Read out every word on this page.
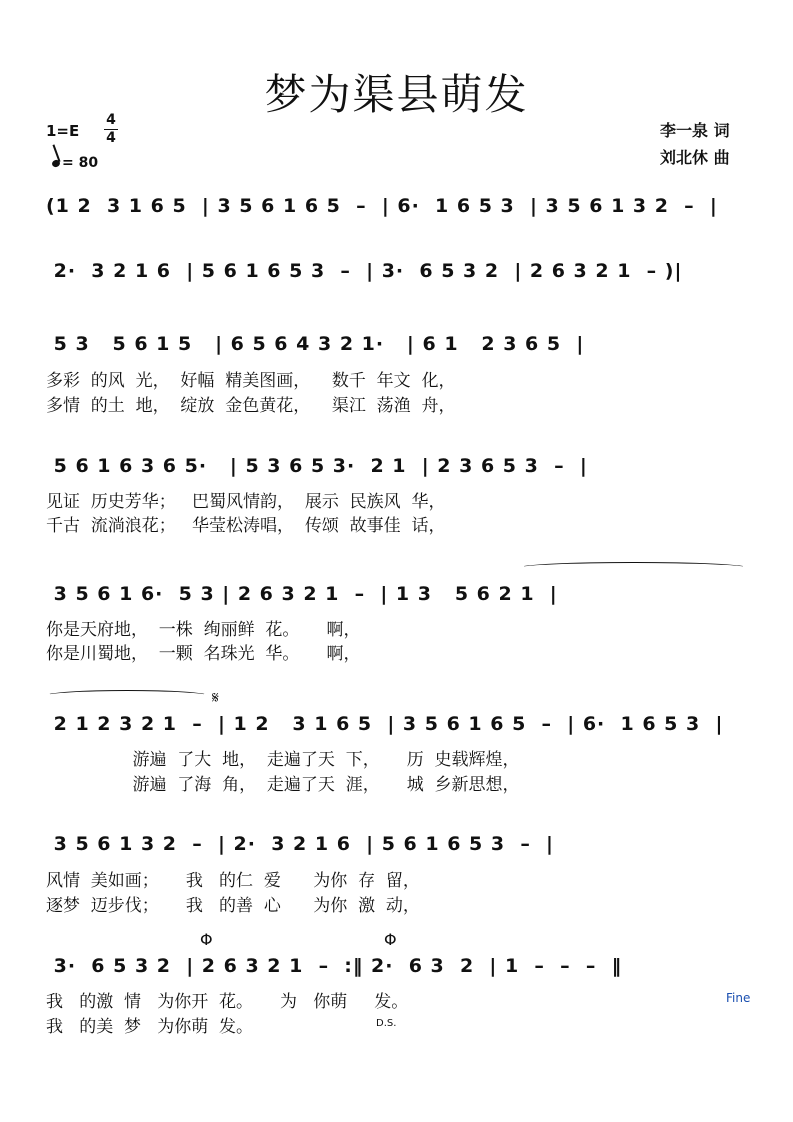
梦为渠县萌发
李一泉 词
刘北休 曲
1=E
4
4
= 80
(1 2  3 1 6 5  | 3 5 6 1 6 5  –  | 6·  1 6 5 3  | 3 5 6 1 3 2  –  |
2·  3 2 1 6  | 5 6 1 6 5 3  –  | 3·  6 5 3 2  | 2 6 3 2 1  – )|
5 3   5 6 1 5   | 6 5 6 4 3 2 1·   | 6 1   2 3 6 5  |
多彩  的风  光，  好幅  精美图画，    数千  年文  化，
多情  的土  地，  绽放  金色黄花，    渠江  荡渔  舟，
5 6 1 6 3 6 5·   | 5 3 6 5 3·  2 1  | 2 3 6 5 3  –  |
见证  历史芳华；   巴蜀风情韵，  展示  民族风  华，
千古  流淌浪花；   华莹松涛唱，  传颂  故事佳  话，
3 5 6 1 6·  5 3 | 2 6 3 2 1  –  | 1 3   5 6 2 1  |
你是天府地，  一株  绚丽鲜  花。     啊，
你是川蜀地，  一颗  名珠光  华。     啊，
𝄋
2 1 2 3 2 1  –  | 1 2   3 1 6 5  | 3 5 6 1 6 5  –  | 6·  1 6 5 3  |
游遍  了大  地，  走遍了天  下，     历  史载辉煌，
游遍  了海  角，  走遍了天  涯，     城  乡新思想，
3 5 6 1 3 2  –  | 2·  3 2 1 6  | 5 6 1 6 5 3  –  |
风情  美如画；     我   的仁  爱      为你  存  留，
逐梦  迈步伐；     我   的善  心      为你  激  动，
Φ	Φ
3·  6 5 3 2  | 2 6 3 2 1  –  :‖ 2·  6 3  2  | 1  –  –  –  ‖
我   的激  情   为你开  花。     为   你萌     发。
我   的美  梦   为你萌  发。
Fine
D.S.
